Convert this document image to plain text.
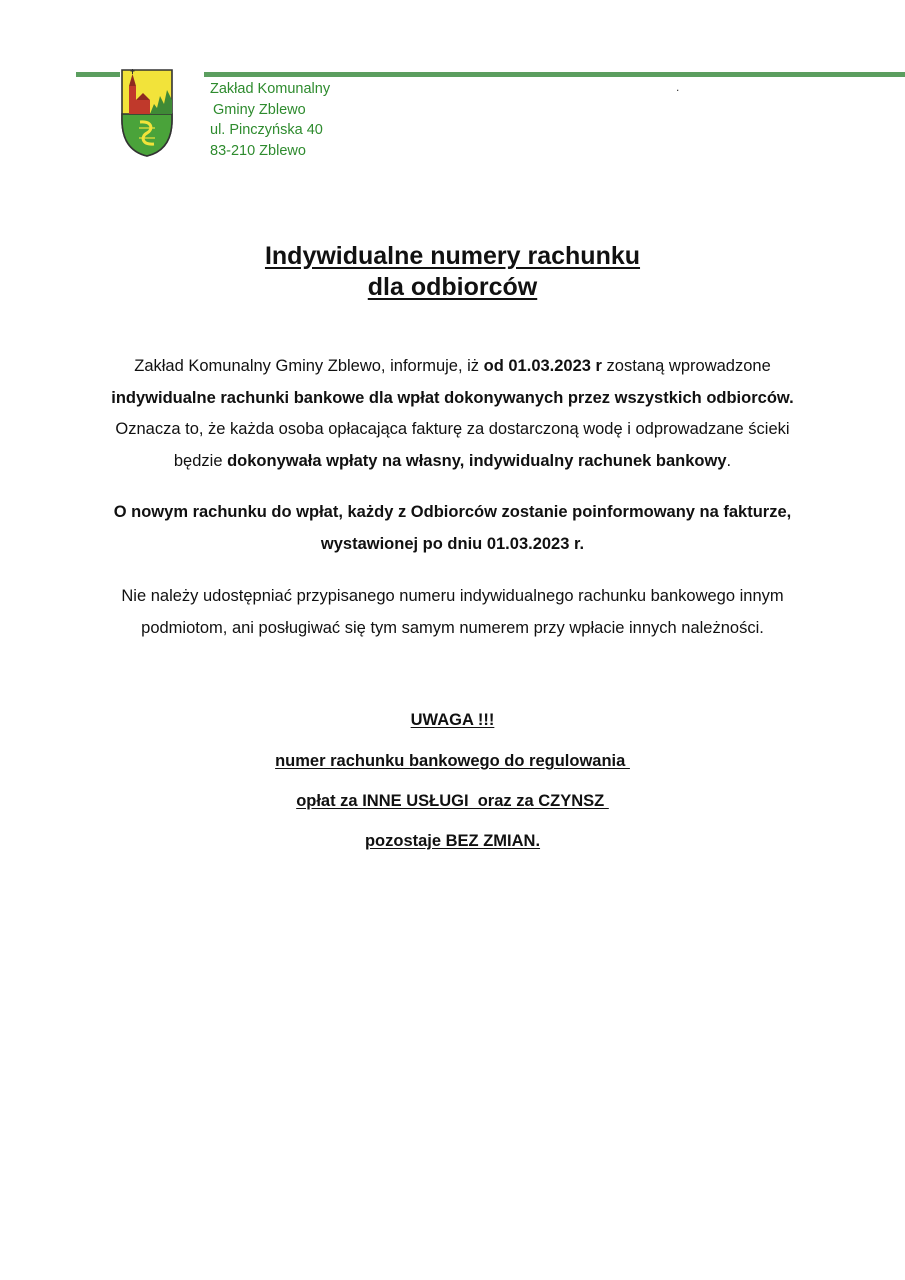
Zakład Komunalny
Gminy Zblewo
ul. Pinczyńska 40
83-210 Zblewo
.
Indywidualne numery rachunku
dla odbiorców
Zakład Komunalny Gminy Zblewo, informuje, iż od 01.03.2023 r zostaną wprowadzone
indywidualne rachunki bankowe dla wpłat dokonywanych przez wszystkich odbiorców.
Oznacza to, że każda osoba opłacająca fakturę za dostarczoną wodę i odprowadzane ścieki
będzie dokonywała wpłaty na własny, indywidualny rachunek bankowy.
O nowym rachunku do wpłat, każdy z Odbiorców zostanie poinformowany na fakturze,
wystawionej po dniu 01.03.2023 r.
Nie należy udostępniać przypisanego numeru indywidualnego rachunku bankowego innym
podmiotom, ani posługiwać się tym samym numerem przy wpłacie innych należności.
UWAGA !!!
numer rachunku bankowego do regulowania
opłat za INNE USŁUGI  oraz za CZYNSZ
pozostaje BEZ ZMIAN.
